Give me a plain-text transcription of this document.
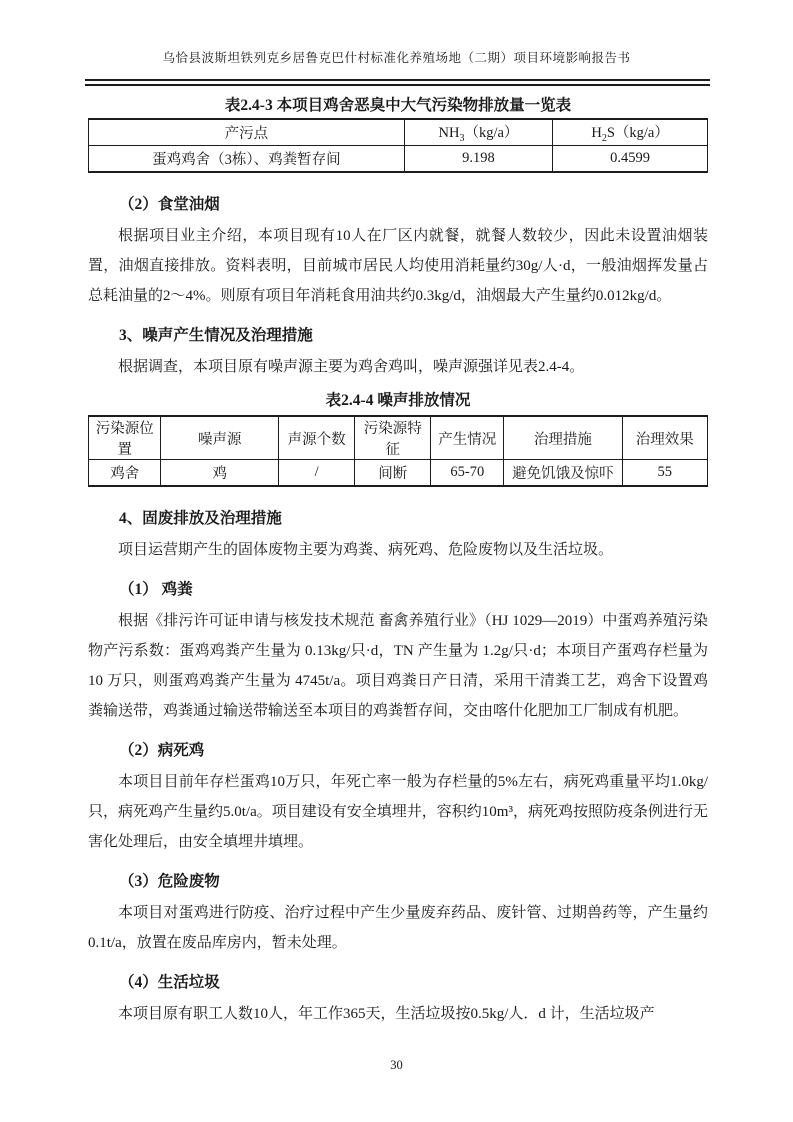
乌恰县波斯坦铁列克乡居鲁克巴什村标准化养殖场地（二期）项目环境影响报告书
表2.4-3 本项目鸡舍恶臭中大气污染物排放量一览表
产污点	$NH_3(kg/a)$	$H_2S(kg/a)$
蛋鸡鸡舍（3栋）、鸡粪暂存间	9.198	0.4599
（2）食堂油烟

根据项目业主介绍，本项目现有10人在厂区内就餐，就餐人数较少，因此未设置油烟装置，油烟直接排放。资料表明，目前城市居民人均使用消耗量约30g/人·d，一般油烟挥发量占总耗油量的2～4%。则原有项目年消耗食用油共约0.3kg/d，油烟最大产生量约0.012kg/d。

3、噪声产生情况及治理措施

根据调查，本项目原有噪声源主要为鸡舍鸡叫，噪声源强详见表2.4-4。

表2.4-4 噪声排放情况
污染源位置	噪声源	声源个数	污染源特征	产生情况	治理措施	治理效果
鸡舍	鸡	/	间断	65-70	避免饥饿及惊吓	55
4、固废排放及治理措施

项目运营期产生的固体废物主要为鸡粪、病死鸡、危险废物以及生活垃圾。

（1） 鸡粪

根据《排污许可证申请与核发技术规范 畜禽养殖行业》（HJ 1029—2019）中蛋鸡养殖污染物产污系数：蛋鸡鸡粪产生量为 0.13kg/只·d，TN 产生量为 1.2g/只·d；本项目产蛋鸡存栏量为 10 万只，则蛋鸡鸡粪产生量为 4745t/a。项目鸡粪日产日清，采用干清粪工艺，鸡舍下设置鸡粪输送带，鸡粪通过输送带输送至本项目的鸡粪暂存间，交由喀什化肥加工厂制成有机肥。

（2）病死鸡

本项目目前年存栏蛋鸡10万只，年死亡率一般为存栏量的5%左右，病死鸡重量平均1.0kg/只，病死鸡产生量约5.0t/a。项目建设有安全填埋井，容积约10m³，病死鸡按照防疫条例进行无害化处理后，由安全填埋井填埋。

（3）危险废物

本项目对蛋鸡进行防疫、治疗过程中产生少量废弃药品、废针管、过期兽药等，产生量约 0.1t/a，放置在废品库房内，暂未处理。

（4）生活垃圾

本项目原有职工人数10人，年工作365天，生活垃圾按0.5kg/人．d 计，生活垃圾产

30
